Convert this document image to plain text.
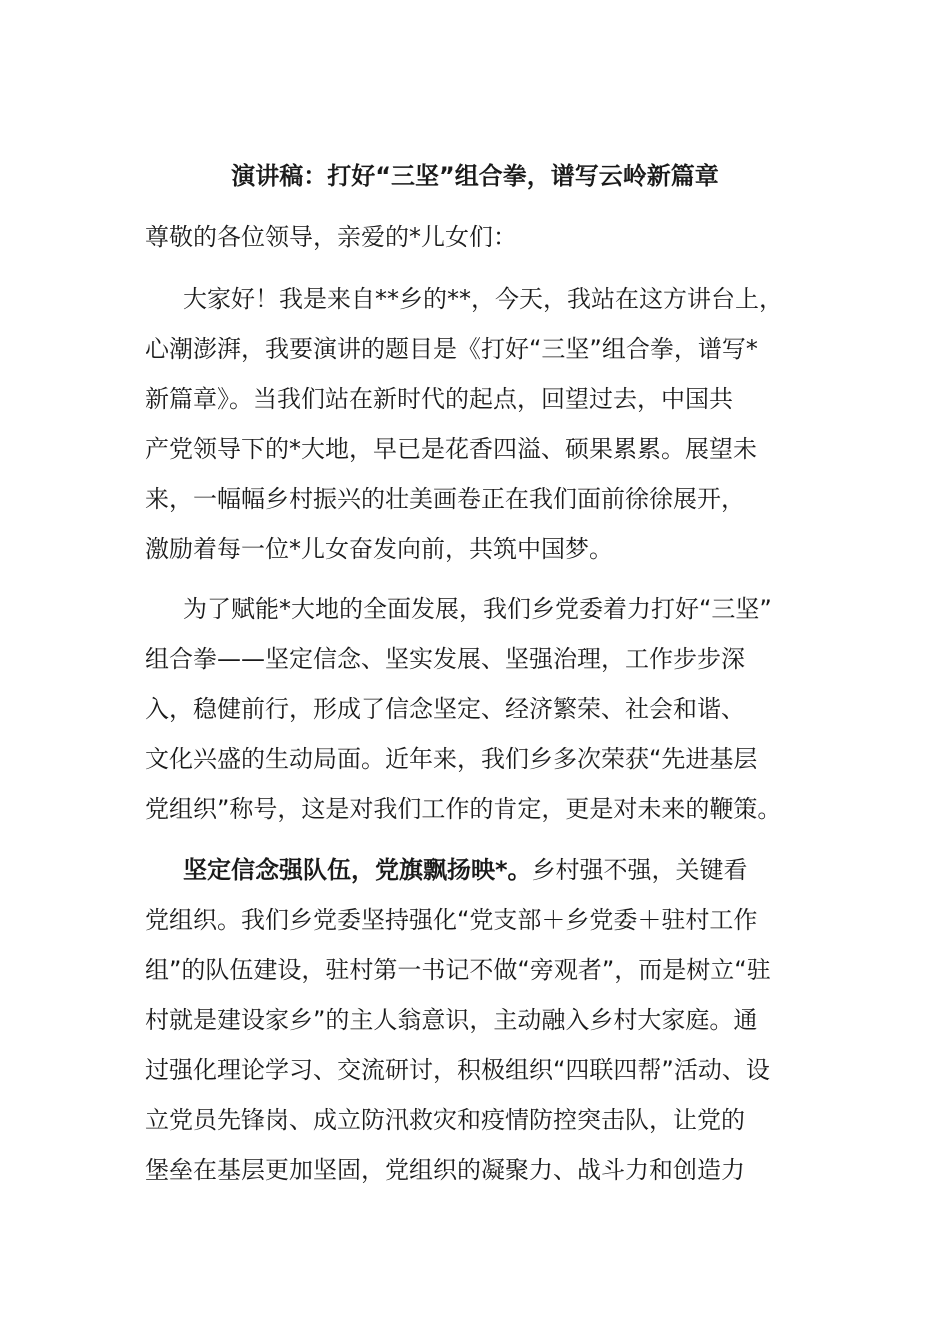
演讲稿：打好“三坚”组合拳，谱写云岭新篇章
尊敬的各位领导，亲爱的*儿女们：
大家好！我是来自**乡的**，今天，我站在这方讲台上，
心潮澎湃，我要演讲的题目是《打好“三坚”组合拳，谱写*
新篇章》。当我们站在新时代的起点，回望过去，中国共
产党领导下的*大地，早已是花香四溢、硕果累累。展望未
来，一幅幅乡村振兴的壮美画卷正在我们面前徐徐展开，
激励着每一位*儿女奋发向前，共筑中国梦。
为了赋能*大地的全面发展，我们乡党委着力打好“三坚”
组合拳——坚定信念、坚实发展、坚强治理，工作步步深
入，稳健前行，形成了信念坚定、经济繁荣、社会和谐、
文化兴盛的生动局面。近年来，我们乡多次荣获“先进基层
党组织”称号，这是对我们工作的肯定，更是对未来的鞭策。
坚定信念强队伍，党旗飘扬映*。乡村强不强，关键看
党组织。我们乡党委坚持强化“党支部＋乡党委＋驻村工作
组”的队伍建设，驻村第一书记不做“旁观者”，而是树立“驻
村就是建设家乡”的主人翁意识，主动融入乡村大家庭。通
过强化理论学习、交流研讨，积极组织“四联四帮”活动、设
立党员先锋岗、成立防汛救灾和疫情防控突击队，让党的
堡垒在基层更加坚固，党组织的凝聚力、战斗力和创造力
